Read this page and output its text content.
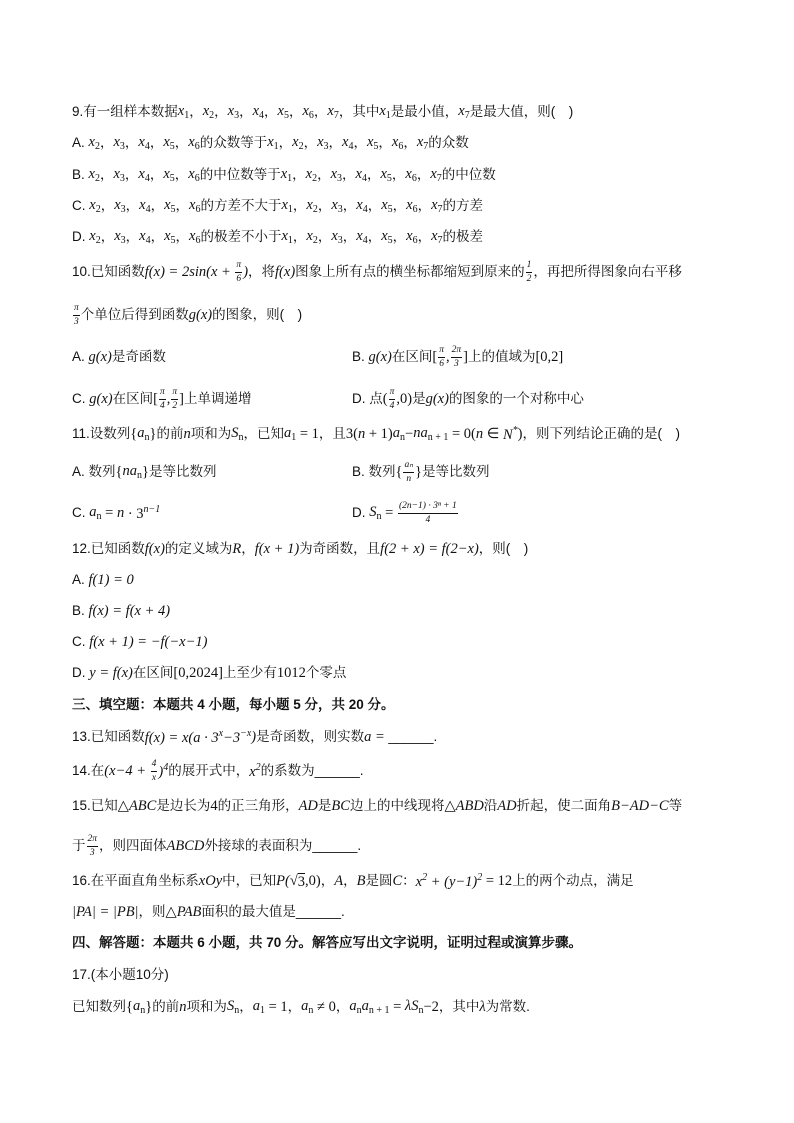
9.有一组样本数据 $x_1$ ， $x_2$ ， $x_3$ ， $x_4$ ， $x_5$ ， $x_6$ ， $x_7$ ，其中 $x_1$ 是最小值， $x_7$ 是最大值，则(　)
A. $x_2$ ， $x_3$ ， $x_4$ ， $x_5$ ， $x_6$ 的众数等于 $x_1$ ， $x_2$ ， $x_3$ ， $x_4$ ， $x_5$ ， $x_6$ ， $x_7$ 的众数
B. $x_2$ ， $x_3$ ， $x_4$ ， $x_5$ ， $x_6$ 的中位数等于 $x_1$ ， $x_2$ ， $x_3$ ， $x_4$ ， $x_5$ ， $x_6$ ， $x_7$ 的中位数
C. $x_2$ ， $x_3$ ， $x_4$ ， $x_5$ ， $x_6$ 的方差不大于 $x_1$ ， $x_2$ ， $x_3$ ， $x_4$ ， $x_5$ ， $x_6$ ， $x_7$ 的方差
D. $x_2$ ， $x_3$ ， $x_4$ ， $x_5$ ， $x_6$ 的极差不小于 $x_1$ ， $x_2$ ， $x_3$ ， $x_4$ ， $x_5$ ， $x_6$ ， $x_7$ 的极差
10.已知函数 $f(x) = 2\sin(x + \frac{\pi}{6}$ ) ，将 f(x) 图象上所有点的横坐标都缩短到原来的 $\frac{1}{2}$ ，再把所得图象向右平移
$\frac{\pi}{3}$ 个单位后得到函数 g(x) 的图象，则(　)
A. g(x) 是奇函数	B. g(x) 在区间 [ $\frac{\pi}{6}$ , $\frac{2\pi}{3}$ ] 上的值域为 [0,2]
C. g(x) 在区间 [ $\frac{\pi}{4}$ , $\frac{\pi}{2}$ ] 上单调递增	D. 点 ( $\frac{\pi}{4} ,0$) 是 g(x) 的图象的一个对称中心
11.设数列 { $a_n$ } 的前 n 项和为 $S_n$ ，已知 $a_1 = 1$ ，且 3( n + 1) $a_n - na_{n + 1} = 0$( n ∈ N* ) ，则下列结论正确的是(　)
A. 数列 { $na_n$ } 是等比数列	B. 数列 { $\frac{\text{aₙ}}{n}$ } 是等比数列
C. $a_n = n \cdot 3^{n-1}$	D. $S_n = \frac{\text{(2n−1) · 3ⁿ + 1}}{4}$
12.已知函数 f(x) 的定义域为 R ， f(x + 1) 为奇函数，且 f(2 + x) = f(2−x) ，则(　)
A. f(1) = 0
B. f(x) = f(x + 4)
C. f(x + 1) = −f(−x−1)
D. y = f(x) 在区间 [0,2024] 上至少有 1012 个零点
三、填空题：本题共 4 小题，每小题 5 分，共 20 分。
13.已知函数 $f(x) = x(a \cdot 3^x -3^{-x}$ ) 是奇函数，则实数 a = ______.
14.在 $(x-4 + \frac{4}{x} )^4$ 的展开式中， $x^2$ 的系数为______.
15.已知 △ ABC 是边长为 4 的正三角形， AD 是 BC 边上的中线现将 △ ABD 沿 AD 折起，使二面角 B−AD−C 等
于 $\frac{2\pi}{3}$ ，则四面体 ABCD 外接球的表面积为______.
16.在平面直角坐标系 xOy 中，已知 P( √ 3 ,0) ， A ， B 是圆 C ： $x^2 + (y-1)^2 = 12$ 上的两个动点，满足
|PA| = |PB| ，则 △ PAB 面积的最大值是______.
四、解答题：本题共 6 小题，共 70 分。解答应写出文字说明，证明过程或演算步骤。
17.(本小题10分)
已知数列 { $a_n$ } 的前 n 项和为 $S_n$ ， $a_1 = 1$ ， $a_n \ne 0$ ， $a_n$ $a_{n + 1} = \lambda S_n -2$ ，其中 λ 为常数.
